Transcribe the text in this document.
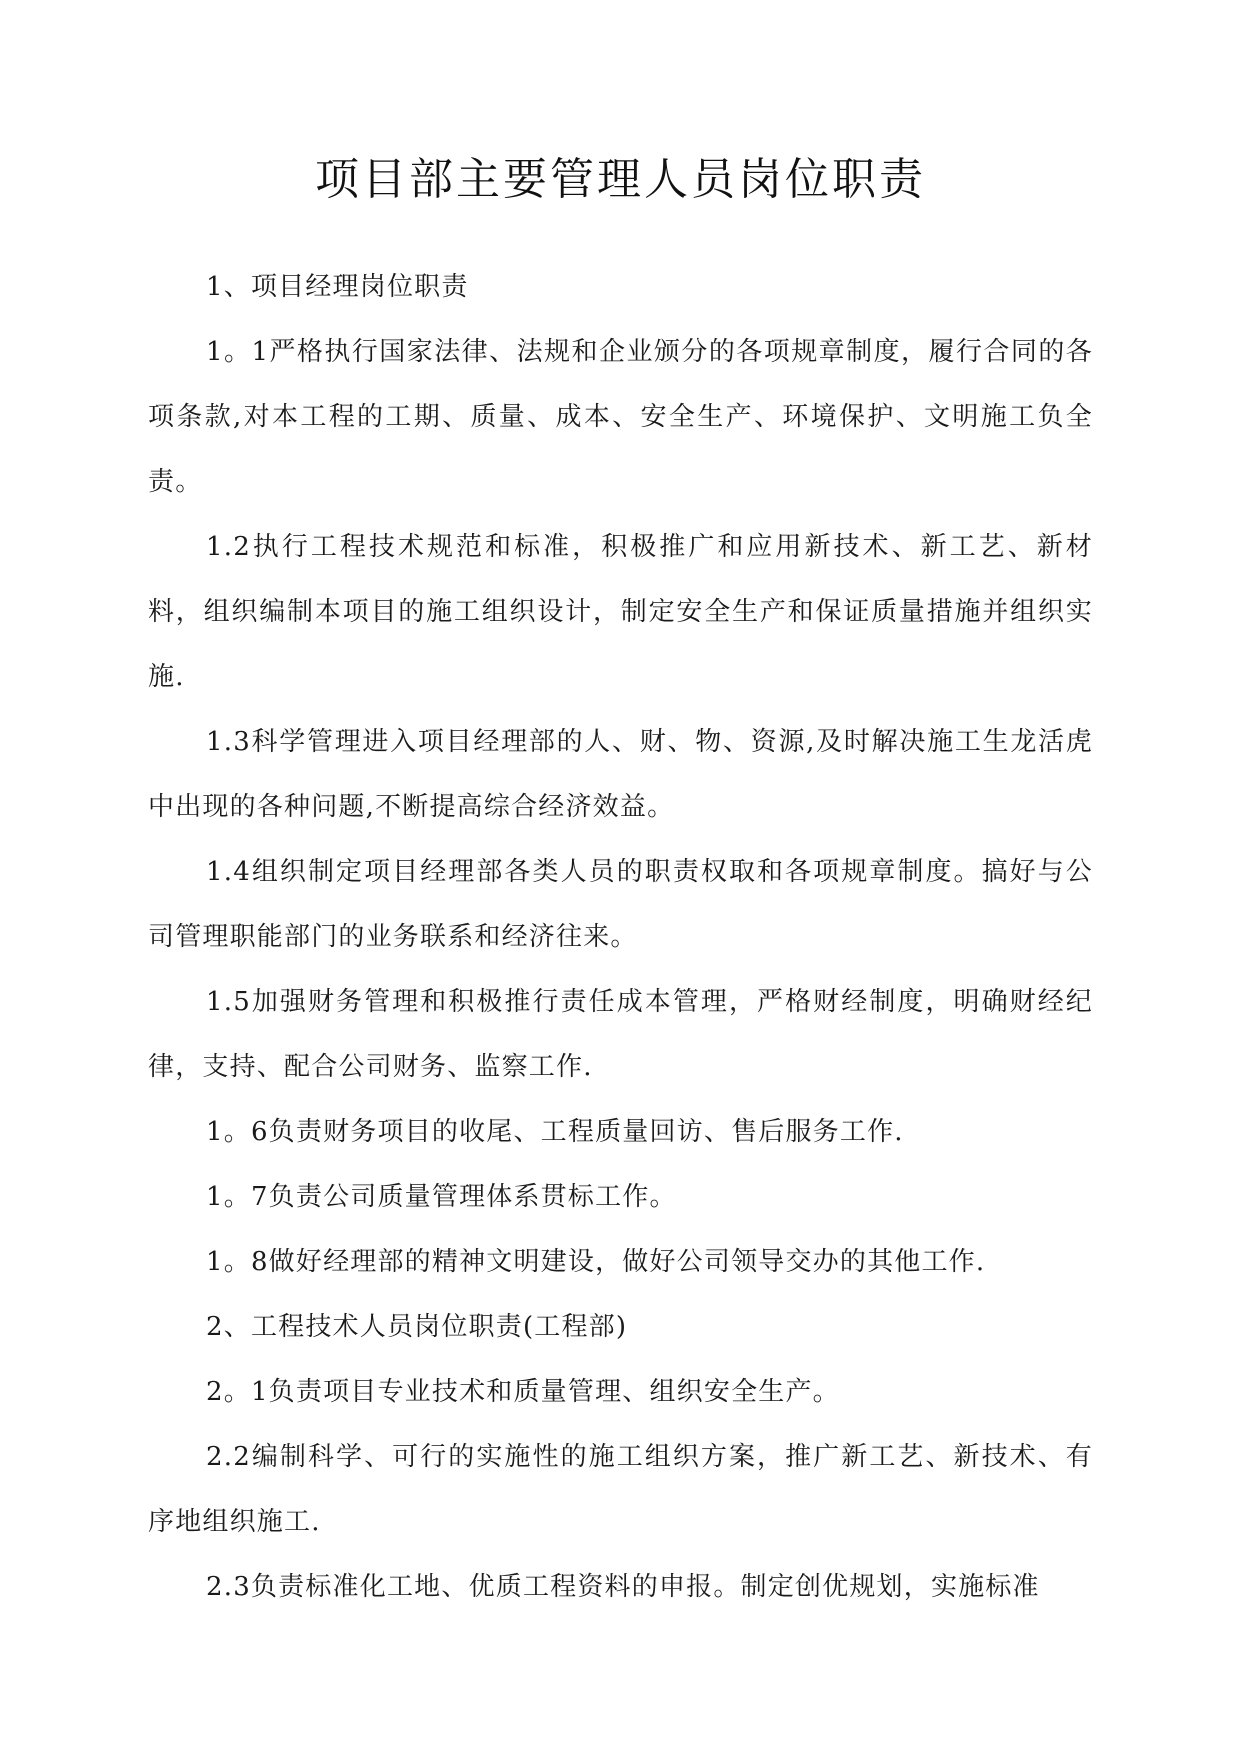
项目部主要管理人员岗位职责

1、项目经理岗位职责

1。1严格执行国家法律、法规和企业颁分的各项规章制度，履行合同的各项条款,对本工程的工期、质量、成本、安全生产、环境保护、文明施工负全责。

1.2执行工程技术规范和标准，积极推广和应用新技术、新工艺、新材料，组织编制本项目的施工组织设计，制定安全生产和保证质量措施并组织实施.

1.3科学管理进入项目经理部的人、财、物、资源,及时解决施工生龙活虎中出现的各种问题,不断提高综合经济效益。

1.4组织制定项目经理部各类人员的职责权取和各项规章制度。搞好与公司管理职能部门的业务联系和经济往来。

1.5加强财务管理和积极推行责任成本管理，严格财经制度，明确财经纪律，支持、配合公司财务、监察工作.

1。6负责财务项目的收尾、工程质量回访、售后服务工作.

1。7负责公司质量管理体系贯标工作。

1。8做好经理部的精神文明建设，做好公司领导交办的其他工作.

2、工程技术人员岗位职责(工程部)

2。1负责项目专业技术和质量管理、组织安全生产。

2.2编制科学、可行的实施性的施工组织方案，推广新工艺、新技术、有序地组织施工.

2.3负责标准化工地、优质工程资料的申报。制定创优规划，实施标准
